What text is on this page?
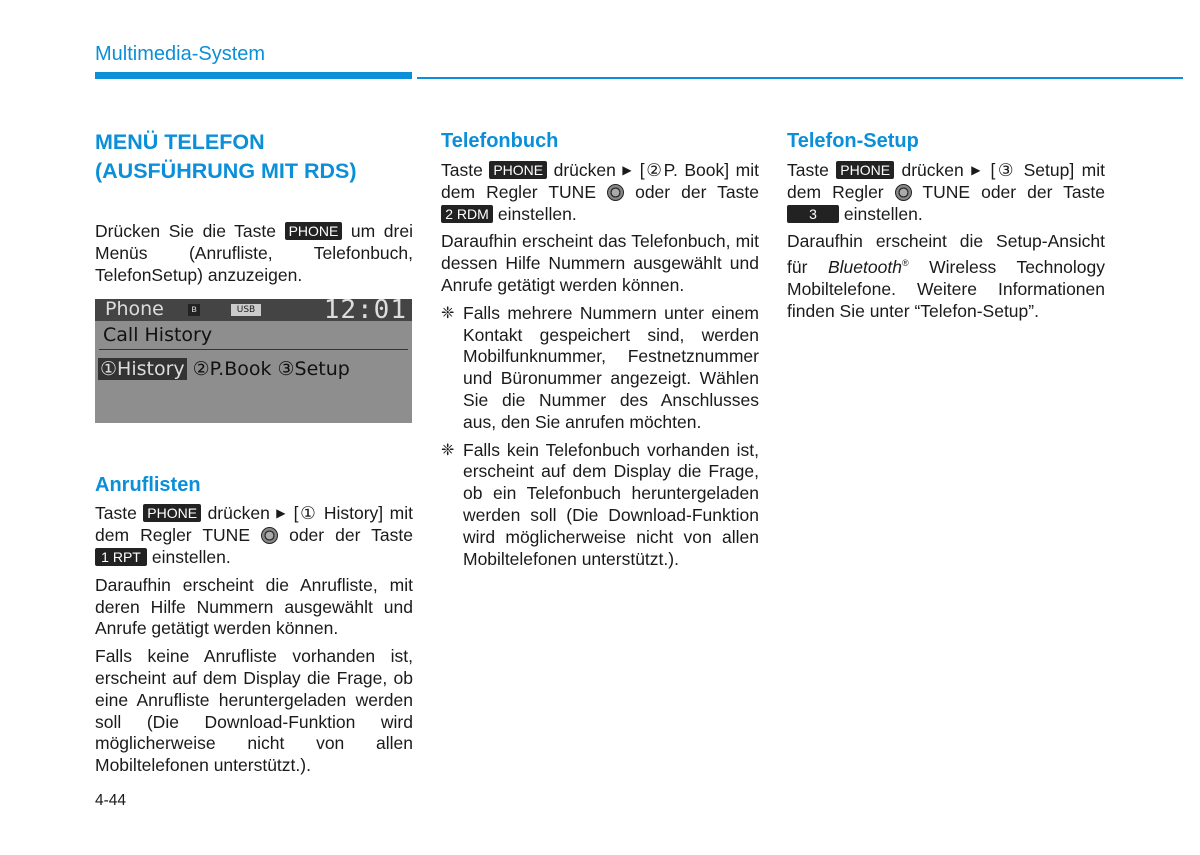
Multimedia-System
MENÜ TELEFON
(AUSFÜHRUNG MIT RDS)

Drücken Sie die Taste PHONE um drei Menüs (Anrufliste, Telefonbuch, TelefonSetup) anzuzeigen.

Anruflisten

Taste PHONE drücken ▶ [① History] mit dem Regler TUNE oder der Taste 1 RPT einstellen.

Daraufhin erscheint die Anrufliste, mit deren Hilfe Nummern ausgewählt und Anrufe getätigt werden können.

Falls keine Anrufliste vorhanden ist, erscheint auf dem Display die Frage, ob eine Anrufliste heruntergeladen werden soll (Die Download-Funktion wird möglicherweise nicht von allen Mobiltelefonen unterstützt.).

Phone	ʙ	USB	12:01
Call History
①History ②P.Book ③Setup
Telefonbuch

Taste PHONE drücken ▶ [②P. Book] mit dem Regler TUNE oder der Taste 2 RDM einstellen.

Daraufhin erscheint das Telefonbuch, mit dessen Hilfe Nummern ausgewählt und Anrufe getätigt werden können.

❈ Falls mehrere Nummern unter einem Kontakt gespeichert sind, werden Mobilfunknummer, Festnetznummer und Büronummer angezeigt. Wählen Sie die Nummer des Anschlusses aus, den Sie anrufen möchten.

❈ Falls kein Telefonbuch vorhanden ist, erscheint auf dem Display die Frage, ob ein Telefonbuch heruntergeladen werden soll (Die Download-Funktion wird möglicherweise nicht von allen Mobiltelefonen unterstützt.).

Telefon-Setup

Taste PHONE drücken ▶ [③ Setup] mit dem Regler TUNE oder der Taste 3 einstellen.

Daraufhin erscheint die Setup-Ansicht für Bluetooth® Wireless Technology Mobiltelefone. Weitere Informationen finden Sie unter “Telefon-Setup”.

4-44
